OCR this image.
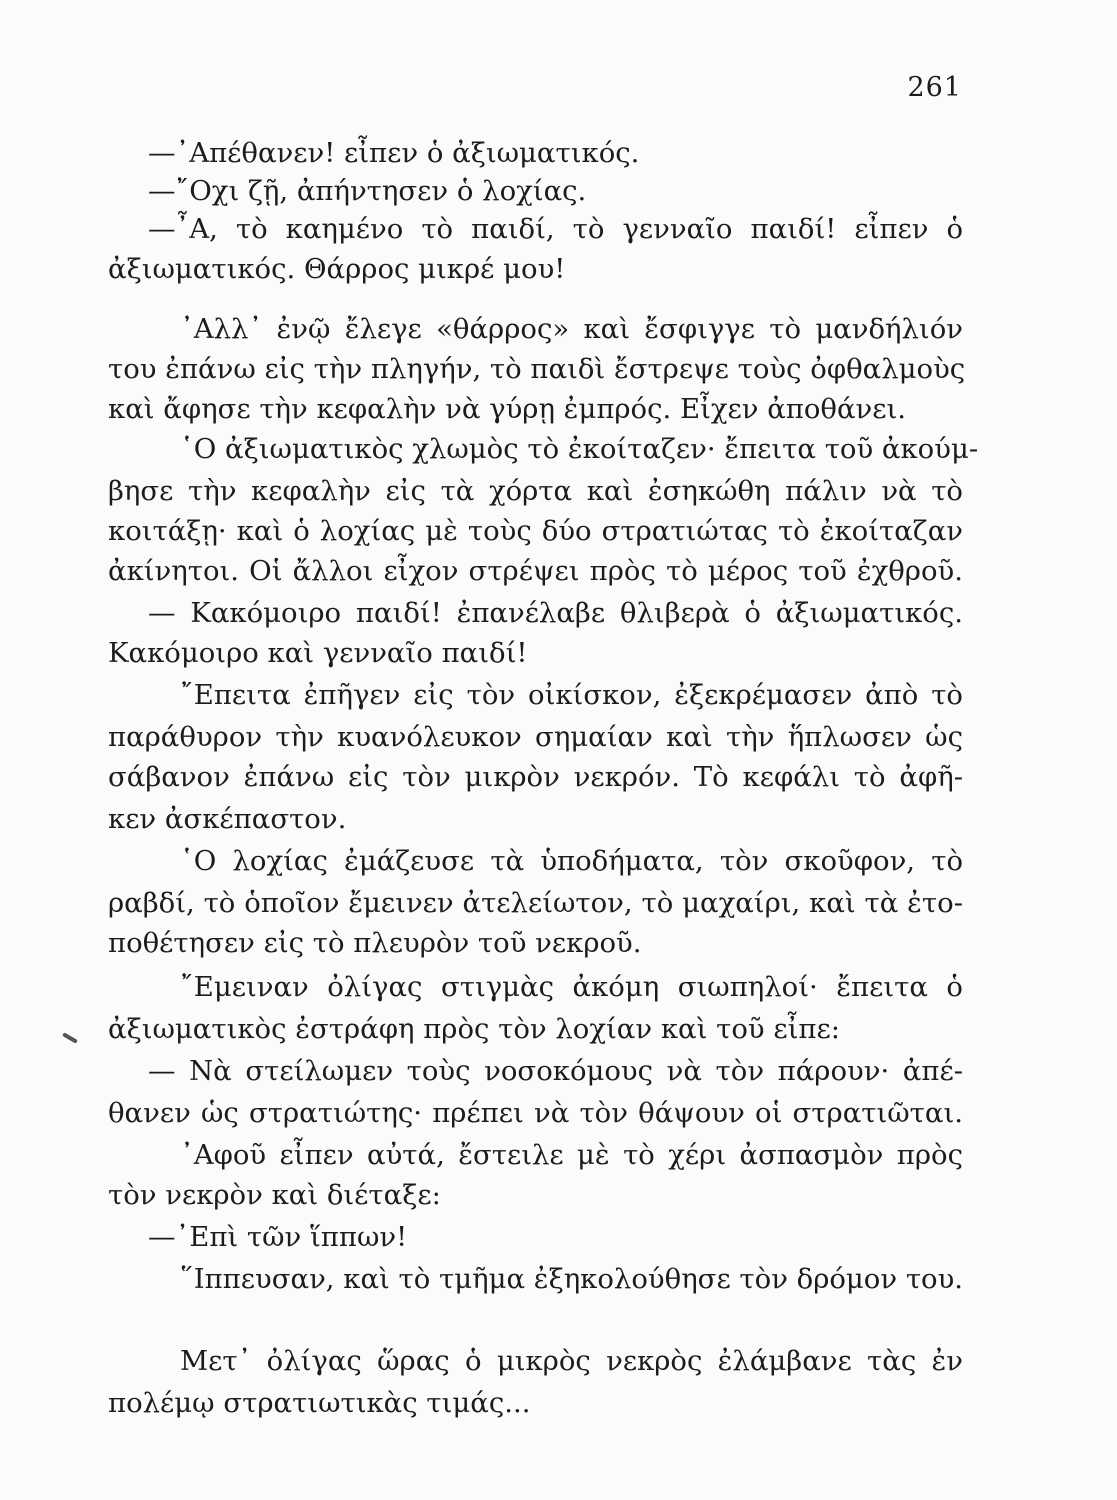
261
—᾿Απέθανεν! εἶπεν ὁ ἀξιωματικός.
—῎Οχι ζῇ, ἀπήντησεν ὁ λοχίας.
—῏Α, τὸ καημένο τὸ παιδί, τὸ γενναῖο παιδί! εἶπεν ὁ
ἀξιωματικός. Θάρρος μικρέ μου!
᾿Αλλ᾿ ἐνῷ ἔλεγε «θάρρος» καὶ ἔσφιγγε τὸ μανδήλιόν
του ἐπάνω εἰς τὴν πληγήν, τὸ παιδὶ ἔστρεψε τοὺς ὀφθαλμοὺς
καὶ ἄφησε τὴν κεφαλὴν νὰ γύρῃ ἐμπρός. Εἶχεν ἀποθάνει.
῾Ο ἀξιωματικὸς χλωμὸς τὸ ἐκοίταζεν· ἔπειτα τοῦ ἀκούμ-
βησε τὴν κεφαλὴν εἰς τὰ χόρτα καὶ ἐσηκώθη πάλιν νὰ τὸ
κοιτάξῃ· καὶ ὁ λοχίας μὲ τοὺς δύο στρατιώτας τὸ ἐκοίταζαν
ἀκίνητοι. Οἱ ἄλλοι εἶχον στρέψει πρὸς τὸ μέρος τοῦ ἐχθροῦ.
— Κακόμοιρο παιδί! ἐπανέλαβε θλιβερὰ ὁ ἀξιωματικός.
Κακόμοιρο καὶ γενναῖο παιδί!
῎Επειτα ἐπῆγεν εἰς τὸν οἰκίσκον, ἐξεκρέμασεν ἀπὸ τὸ
παράθυρον τὴν κυανόλευκον σημαίαν καὶ τὴν ἥπλωσεν ὡς
σάβανον ἐπάνω εἰς τὸν μικρὸν νεκρόν. Τὸ κεφάλι τὸ ἀφῆ-
κεν ἀσκέπαστον.
῾Ο λοχίας ἐμάζευσε τὰ ὑποδήματα, τὸν σκοῦφον, τὸ
ραβδί, τὸ ὁποῖον ἔμεινεν ἀτελείωτον, τὸ μαχαίρι, καὶ τὰ ἐτο-
ποθέτησεν εἰς τὸ πλευρὸν τοῦ νεκροῦ.
῎Εμειναν ὀλίγας στιγμὰς ἀκόμη σιωπηλοί· ἔπειτα ὁ
ἀξιωματικὸς ἐστράφη πρὸς τὸν λοχίαν καὶ τοῦ εἶπε:
— Νὰ στείλωμεν τοὺς νοσοκόμους νὰ τὸν πάρουν· ἀπέ-
θανεν ὡς στρατιώτης· πρέπει νὰ τὸν θάψουν οἱ στρατιῶται.
᾿Αφοῦ εἶπεν αὐτά, ἔστειλε μὲ τὸ χέρι ἀσπασμὸν πρὸς
τὸν νεκρὸν καὶ διέταξε:
—᾿Επὶ τῶν ἵππων!
῞Ιππευσαν, καὶ τὸ τμῆμα ἐξηκολούθησε τὸν δρόμον του.
Μετ᾿ ὀλίγας ὥρας ὁ μικρὸς νεκρὸς ἐλάμβανε τὰς ἐν
πολέμῳ στρατιωτικὰς τιμάς...
